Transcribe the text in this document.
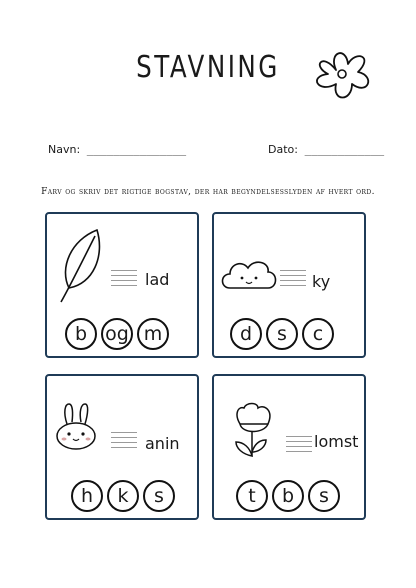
STAVNING
Navn: _______________	Dato: ____________
Farv og skriv det rigtige bogstav, der har begyndelsesslyden af hvert ord.
lad
b og m
ky
d	s	c
anin
h	k	s
lomst
t	b	s
